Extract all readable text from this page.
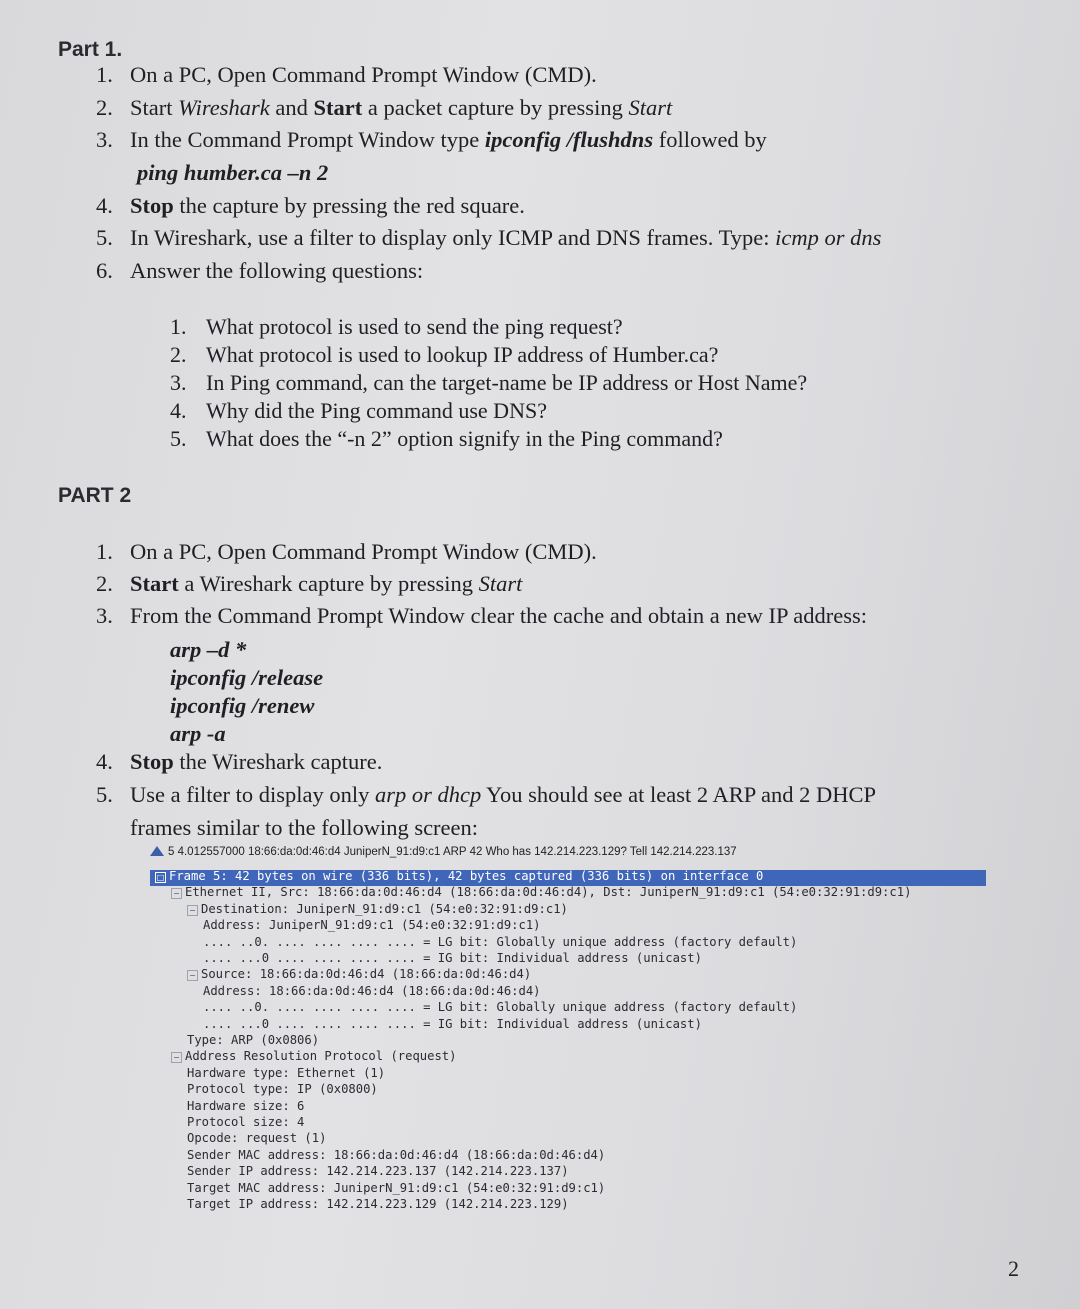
Part 1.
1. On a PC, Open Command Prompt Window (CMD).
2. Start Wireshark and Start a packet capture by pressing Start
3. In the Command Prompt Window type ipconfig /flushdns followed by
ping humber.ca –n 2
4. Stop the capture by pressing the red square.
5. In Wireshark, use a filter to display only ICMP and DNS frames. Type: icmp or dns
6. Answer the following questions:
1. What protocol is used to send the ping request?
2. What protocol is used to lookup IP address of Humber.ca?
3. In Ping command, can the target-name be IP address or Host Name?
4. Why did the Ping command use DNS?
5. What does the “-n 2” option signify in the Ping command?
PART 2
1. On a PC, Open Command Prompt Window (CMD).
2. Start a Wireshark capture by pressing Start
3. From the Command Prompt Window clear the cache and obtain a new IP address:
arp –d *
ipconfig /release
ipconfig /renew
arp -a
4. Stop the Wireshark capture.
5. Use a filter to display only arp or dhcp You should see at least 2 ARP and 2 DHCP
frames similar to the following screen:
5 4.012557000 18:66:da:0d:46:d4 JuniperN_91:d9:c1 ARP 42 Who has 142.214.223.129? Tell 142.214.223.137
□ Frame 5: 42 bytes on wire (336 bits), 42 bytes captured (336 bits) on interface 0
− Ethernet II, Src: 18:66:da:0d:46:d4 (18:66:da:0d:46:d4), Dst: JuniperN_91:d9:c1 (54:e0:32:91:d9:c1)
− Destination: JuniperN_91:d9:c1 (54:e0:32:91:d9:c1)
Address: JuniperN_91:d9:c1 (54:e0:32:91:d9:c1)
.... ..0. .... .... .... .... = LG bit: Globally unique address (factory default)
.... ...0 .... .... .... .... = IG bit: Individual address (unicast)
− Source: 18:66:da:0d:46:d4 (18:66:da:0d:46:d4)
Address: 18:66:da:0d:46:d4 (18:66:da:0d:46:d4)
.... ..0. .... .... .... .... = LG bit: Globally unique address (factory default)
.... ...0 .... .... .... .... = IG bit: Individual address (unicast)
Type: ARP (0x0806)
− Address Resolution Protocol (request)
Hardware type: Ethernet (1)
Protocol type: IP (0x0800)
Hardware size: 6
Protocol size: 4
Opcode: request (1)
Sender MAC address: 18:66:da:0d:46:d4 (18:66:da:0d:46:d4)
Sender IP address: 142.214.223.137 (142.214.223.137)
Target MAC address: JuniperN_91:d9:c1 (54:e0:32:91:d9:c1)
Target IP address: 142.214.223.129 (142.214.223.129)
2
